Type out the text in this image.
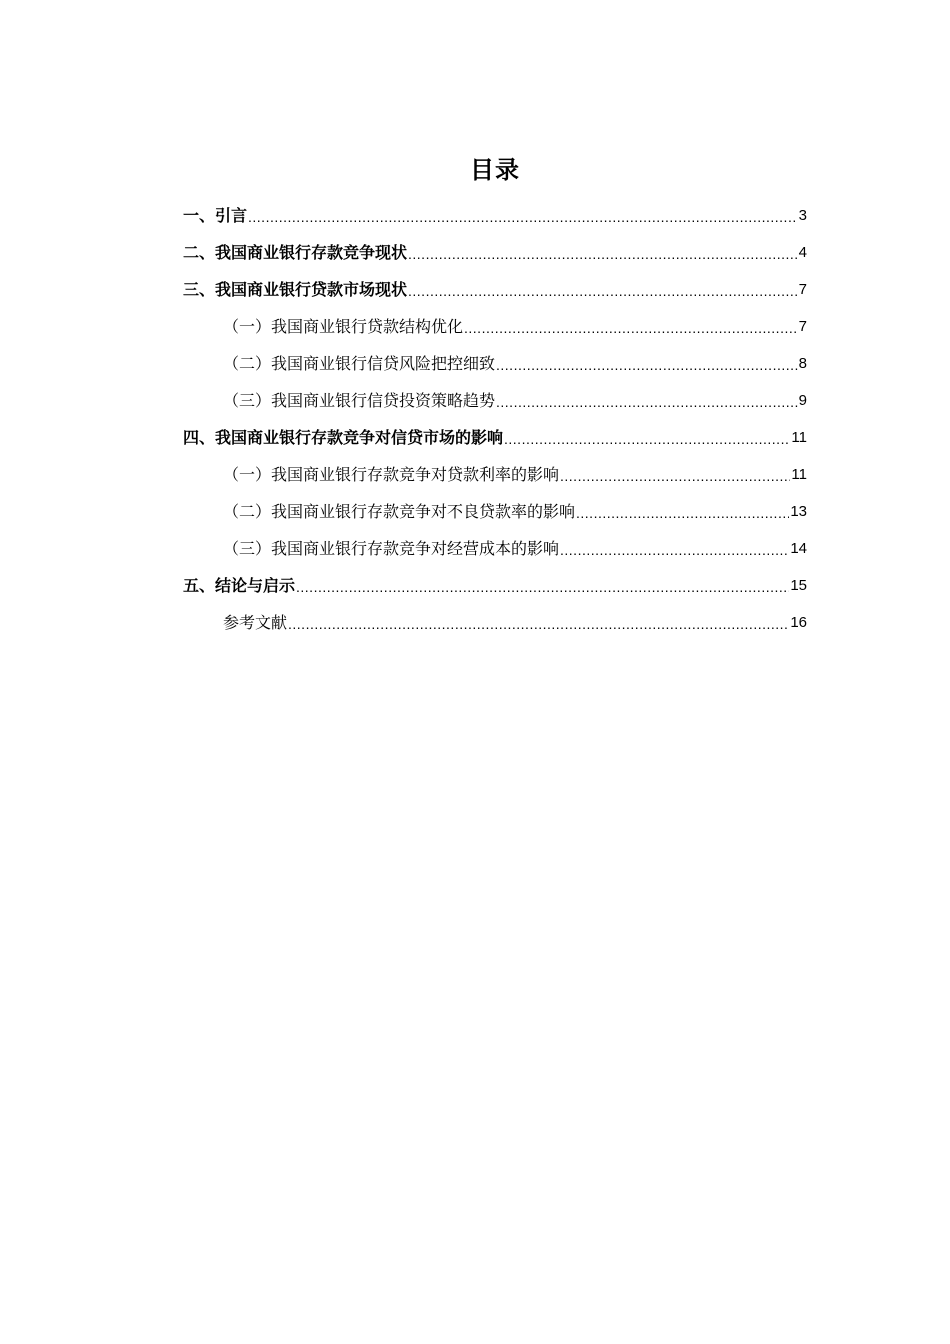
目录
一、引言 .....	3
二、我国商业银行存款竞争现状 .....	4
三、我国商业银行贷款市场现状 .....	7
（一）我国商业银行贷款结构优化 .....	7
（二）我国商业银行信贷风险把控细致 .....	8
（三）我国商业银行信贷投资策略趋势 .....	9
四、我国商业银行存款竞争对信贷市场的影响 .....	11
（一）我国商业银行存款竞争对贷款利率的影响 .....	11
（二）我国商业银行存款竞争对不良贷款率的影响 .....	13
（三）我国商业银行存款竞争对经营成本的影响 .....	14
五、结论与启示 .....	15
参考文献 .....	16
